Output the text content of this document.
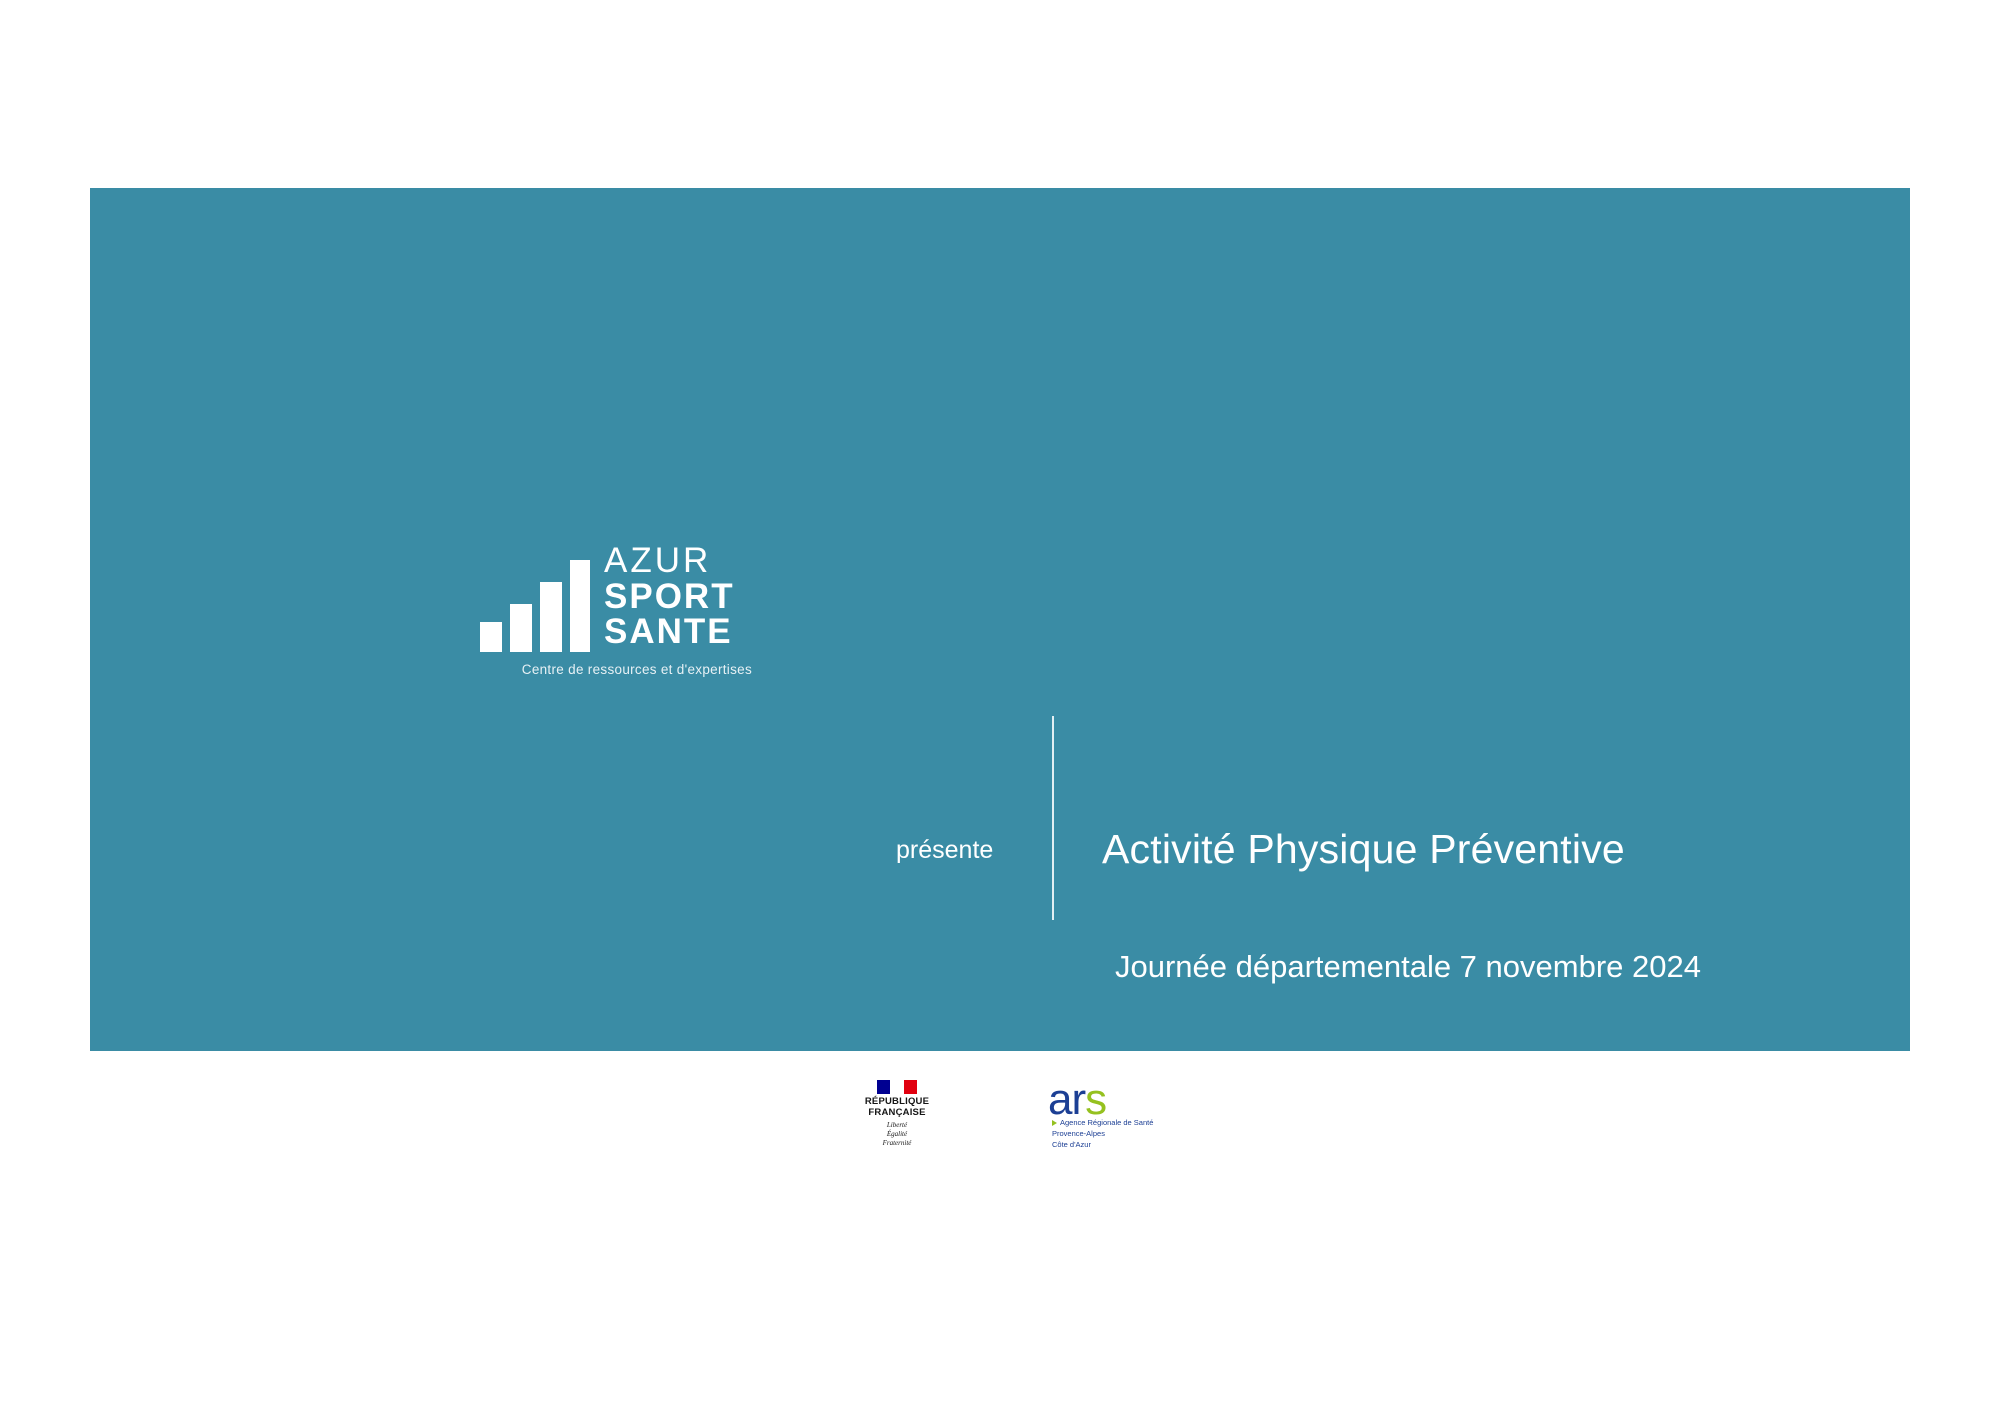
AZUR
SPORT
SANTE
Centre de ressources et d'expertises
présente	Activité Physique Préventive
Journée départementale 7 novembre 2024
Dr Alain FUCH
Président d’Aur Sport Santé
RÉPUBLIQUE
FRANÇAISE
Liberté
Égalité
Fraternité
ars
Agence Régionale de Santé
Provence-Alpes
Côte d'Azur
